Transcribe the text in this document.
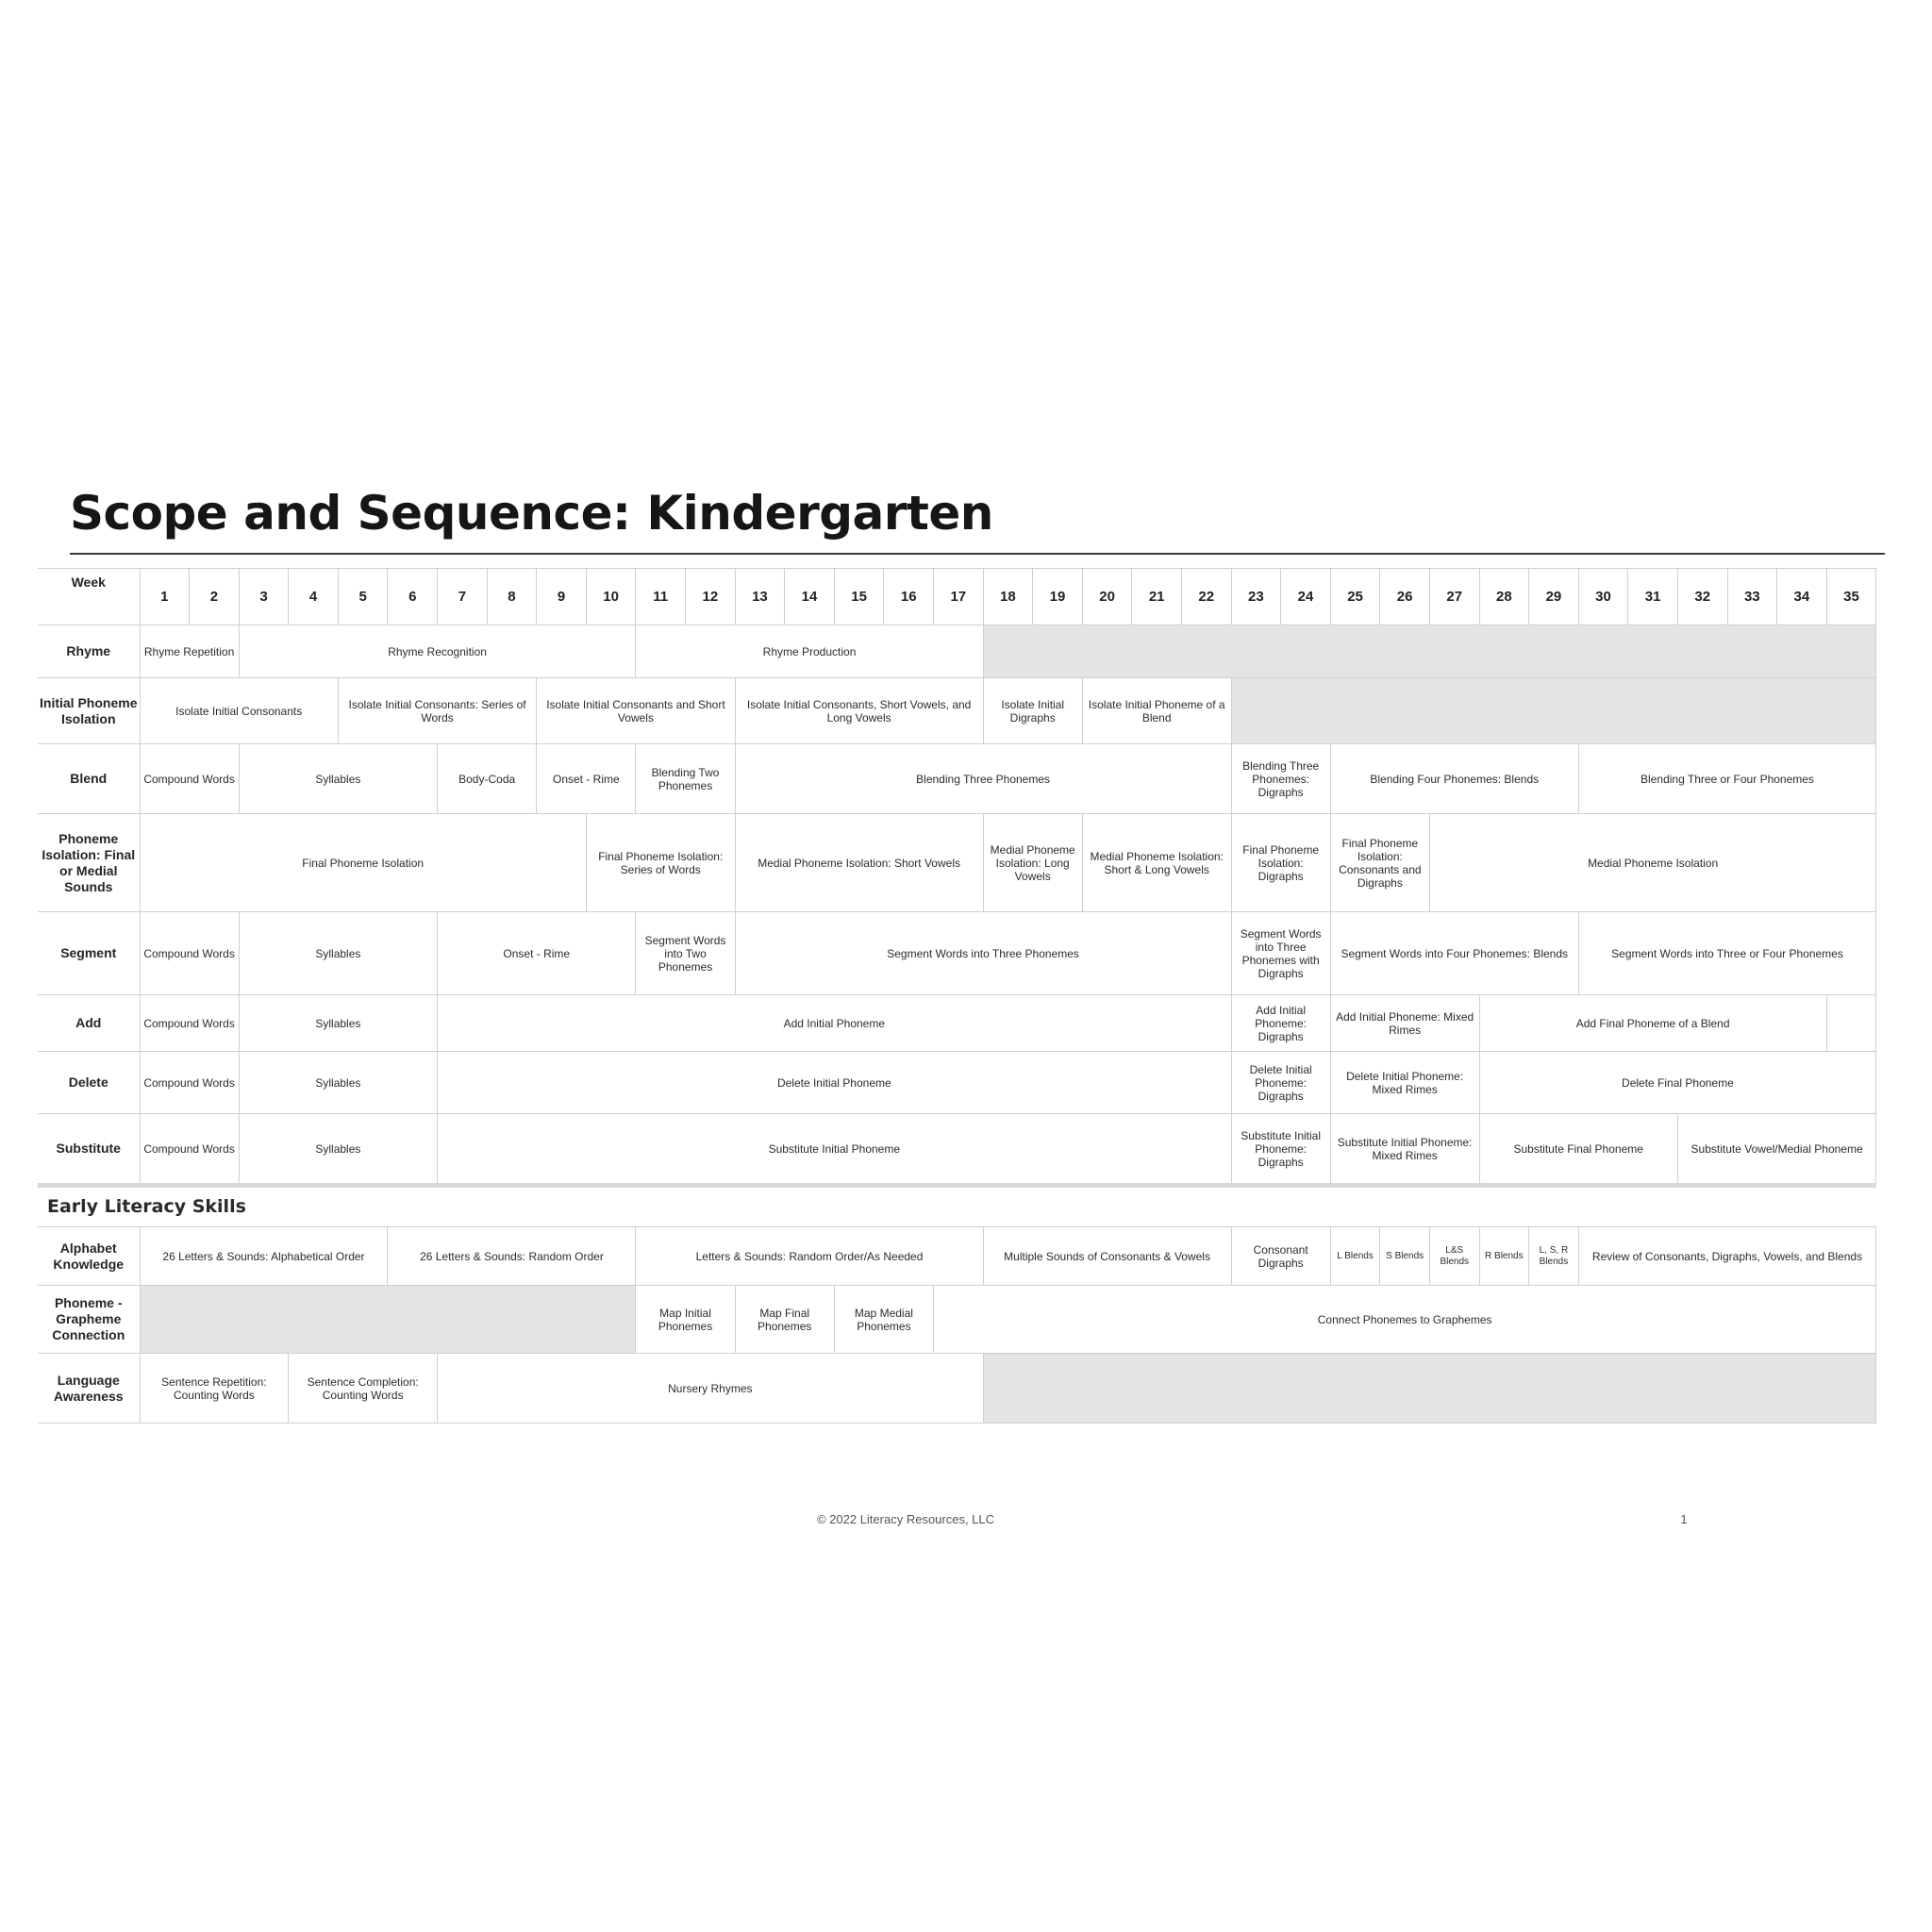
Scope and Sequence: Kindergarten
Week	1	2	3	4	5	6	7	8	9	10	11	12	13	14	15	16	17	18	19	20	21	22	23	24	25	26	27	28	29	30	31	32	33	34	35
Rhyme	Rhyme Repetition		Rhyme Recognition								Rhyme Production																								
Initial Phoneme Isolation	Isolate Initial Consonants				Isolate Initial Consonants: Series of Words				Isolate Initial Consonants and Short Vowels				Isolate Initial Consonants, Short Vowels, and Long Vowels					Isolate Initial Digraphs		Isolate Initial Phoneme of a Blend															
Blend	Compound Words		Syllables				Body-Coda		Onset - Rime		Blending Two Phonemes		Blending Three Phonemes										Blending Three Phonemes: Digraphs		Blending Four Phonemes: Blends					Blending Three or Four Phonemes					
Phoneme Isolation: Final or Medial Sounds	Final Phoneme Isolation									Final Phoneme Isolation: Series of Words			Medial Phoneme Isolation: Short Vowels					Medial Phoneme Isolation: Long Vowels		Medial Phoneme Isolation: Short & Long Vowels			Final Phoneme Isolation: Digraphs		Final Phoneme Isolation: Consonants and Digraphs		Medial Phoneme Isolation								
Segment	Compound Words		Syllables				Onset - Rime				Segment Words into Two Phonemes		Segment Words into Three Phonemes										Segment Words into Three Phonemes with Digraphs		Segment Words into Four Phonemes: Blends					Segment Words into Three or Four Phonemes					
Add	Compound Words		Syllables				Add Initial Phoneme																Add Initial Phoneme: Digraphs		Add Initial Phoneme: Mixed Rimes			Add Final Phoneme of a Blend							
Delete	Compound Words		Syllables				Delete Initial Phoneme																Delete Initial Phoneme: Digraphs		Delete Initial Phoneme: Mixed Rimes			Delete Final Phoneme							
Substitute	Compound Words		Syllables				Substitute Initial Phoneme																Substitute Initial Phoneme: Digraphs		Substitute Initial Phoneme: Mixed Rimes			Substitute Final Phoneme				Substitute Vowel/Medial Phoneme			
Early Literacy Skills
Alphabet Knowledge	26 Letters & Sounds: Alphabetical Order		26 Letters & Sounds: Random Order		Letters & Sounds: Random Order/As Needed				Multiple Sounds of Consonants & Vowels	Consonant Digraphs	L Blends	S Blends	L&S Blends	R Blends	L, S, R Blends	Review of Consonants, Digraphs, Vowels, and Blends
Phoneme - Grapheme Connection					Map Initial Phonemes	Map Final Phonemes	Map Medial Phonemes	Connect Phonemes to Graphemes								
Language Awareness	Sentence Repetition: Counting Words	Sentence Completion: Counting Words		Nursery Rhymes												
© 2022 Literacy Resources, LLC	1
